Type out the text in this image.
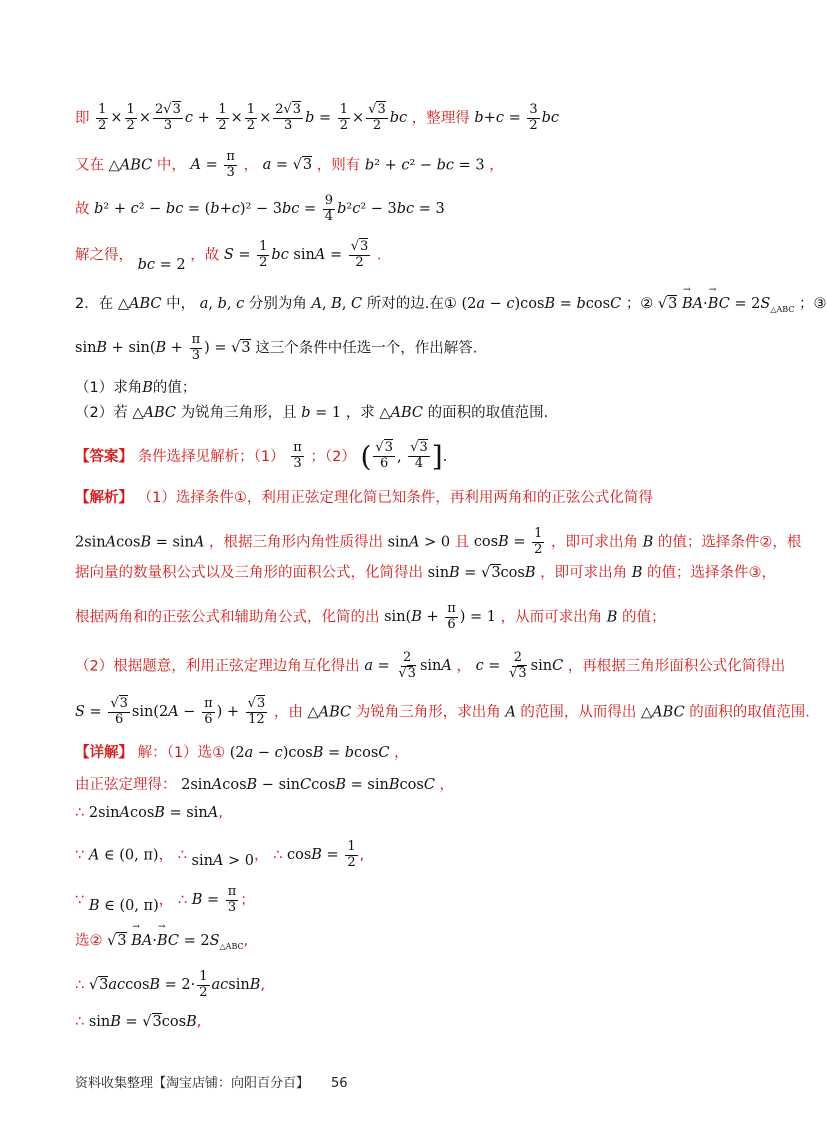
即 $\frac{1}{2} \times \frac{1}{2} \times \frac{2√3}{3}$ $c + \frac{1}{2} \times \frac{1}{2} \times \frac{2√3}{3}$ $b = \frac{1}{2} \times \frac{√3}{2}$ bc ，整理得 $b+c = \frac{3}{2}$ bc
又在 △ABC 中， $A = \frac{\pi}{3}$ ， a = √3 ，则有 b² + c² − bc = 3 ，
故 b² + c² − bc = $(b+c)^2 - 3bc = \frac{9}{4} b^2c^2 - 3bc = 3$
解之得， bc = 2 ，故 $S = \frac{1}{2}$ bc $\sin A = \frac{√3}{2}$ .
2．在 △ABC 中， a, b, c 分别为角 A, B, C 所对的边.在① (2a − c)cosB = bcosC ；② √3 → BA·→ BC = $2S_{\triangle ABC}$ ；③
$\sin B + \sin(B + \frac{\pi}{3}$ ) = √3 这三个条件中任选一个，作出解答.
（1）求角B的值；
（2）若 △ABC 为锐角三角形，且 b = 1 ，求 △ABC 的面积的取值范围.
【答案】 条件选择见解析；$(1) \frac{\pi}{3}$ ；（2） ( $\frac{√3}{6}$ , $\frac{√3}{4}$ ].
【解析】 （1）选择条件①，利用正弦定理化简已知条件，再利用两角和的正弦公式化简得
2sinAcosB = sinA ，根据三角形内角性质得出 sinA > 0 且 $\cos B = \frac{1}{2}$ ，即可求出角 B 的值；选择条件②，根
据向量的数量积公式以及三角形的面积公式，化简得出 sinB = √3cosB ，即可求出角 B 的值；选择条件③，
根据两角和的正弦公式和辅助角公式，化简的出 $\sin(B + \frac{\pi}{6}$ ) = 1 ，从而可求出角 B 的值；
（2）根据题意，利用正弦定理边角互化得出 $a = \frac{2}{√3}$ sinA ， $c = \frac{2}{√3}$ sinC ，再根据三角形面积公式化简得出
$S = \frac{√3}{6} \sin(2A - \frac{\pi}{6}$ ) + $\frac{√3}{12}$ ，由 △ABC 为锐角三角形，求出角 A 的范围，从而得出 △ABC 的面积的取值范围.
【详解】 解：（1）选① (2a − c)cosB = bcosC ，
由正弦定理得： 2sinAcosB − sinCcosB = sinBcosC ，
∴ 2sinAcosB = sinA,
∵ A ∈ (0, π)， ∴ sinA > 0， ∴ $\cos B = \frac{1}{2}$ ,
∵ B ∈ (0, π)， ∴ $B = \frac{\pi}{3}$ ；
选② √3 → BA·→ BC = $2S_{\triangle ABC}$,
∴ $√3accosB = 2\cdot \frac{1}{2} acsinB$,
∴ sinB = √3cosB,
资料收集整理【淘宝店铺：向阳百分百】 56
